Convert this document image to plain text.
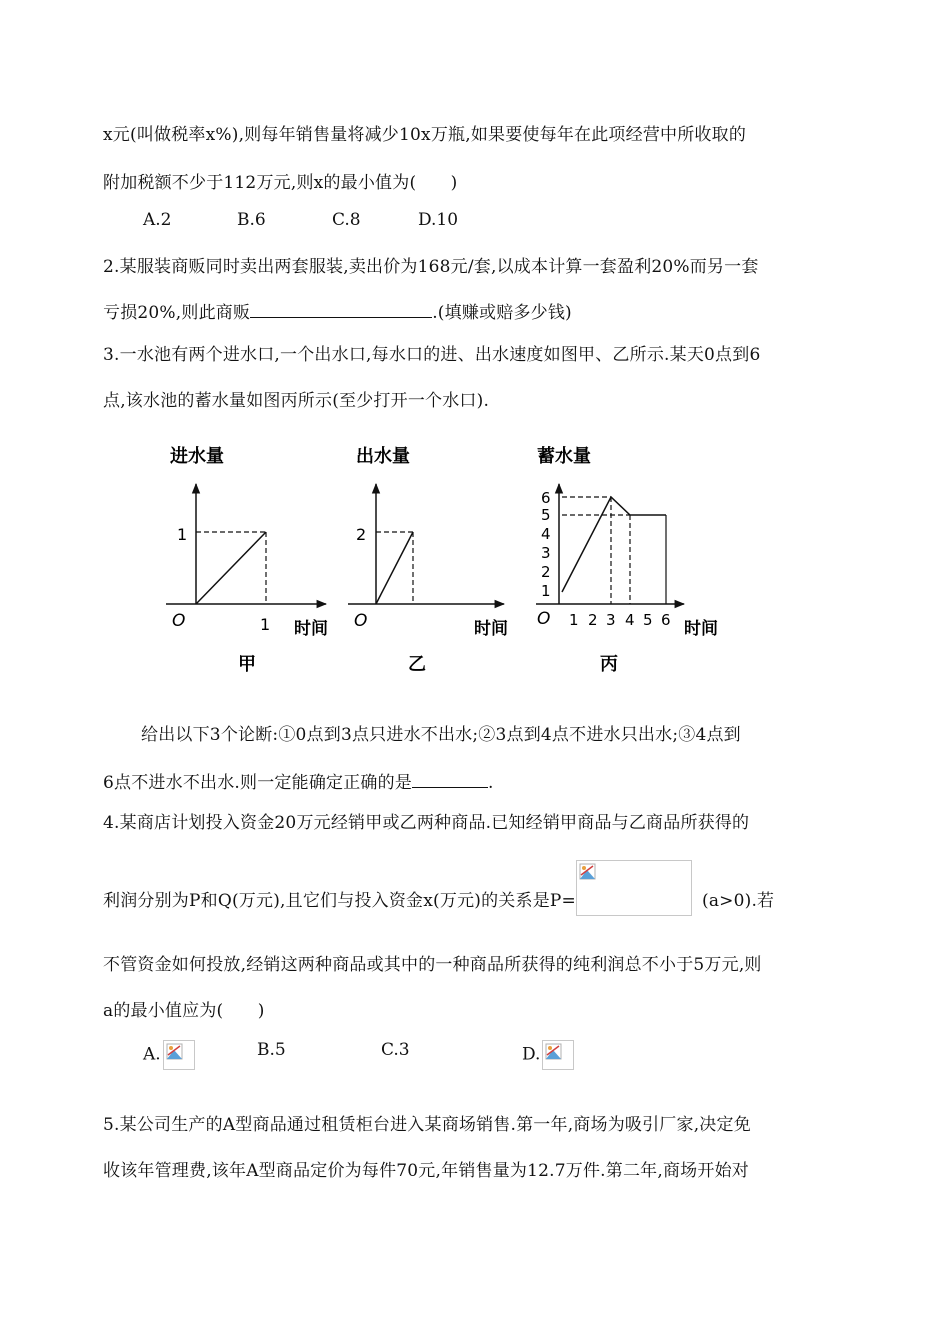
x元(叫做税率x%),则每年销售量将减少10x万瓶,如果要使每年在此项经营中所收取的
附加税额不少于112万元,则x的最小值为(　　)
A.2	B.6	C.8	D.10
2.某服装商贩同时卖出两套服装,卖出价为168元/套,以成本计算一套盈利20%而另一套
亏损20%,则此商贩	.(填赚或赔多少钱)
3.一水池有两个进水口,一个出水口,每水口的进、出水速度如图甲、乙所示.某天0点到6
点,该水池的蓄水量如图丙所示(至少打开一个水口).
进水量
1
1
O	时间
甲
出水量
2
O	时间
乙
蓄水量
6
5
4
3
2
1
1 2 3 4 5 6
O	时间
丙
给出以下3个论断:①0点到3点只进水不出水;②3点到4点不进水只出水;③4点到
6点不进水不出水.则一定能确定正确的是	.
4.某商店计划投入资金20万元经销甲或乙两种商品.已知经销甲商品与乙商品所获得的
利润分别为P和Q(万元),且它们与投入资金x(万元)的关系是P=	(a>0).若
不管资金如何投放,经销这两种商品或其中的一种商品所获得的纯利润总不小于5万元,则
a的最小值应为(　　)
A.	B.5	C.3	D.
5.某公司生产的A型商品通过租赁柜台进入某商场销售.第一年,商场为吸引厂家,决定免
收该年管理费,该年A型商品定价为每件70元,年销售量为12.7万件.第二年,商场开始对
